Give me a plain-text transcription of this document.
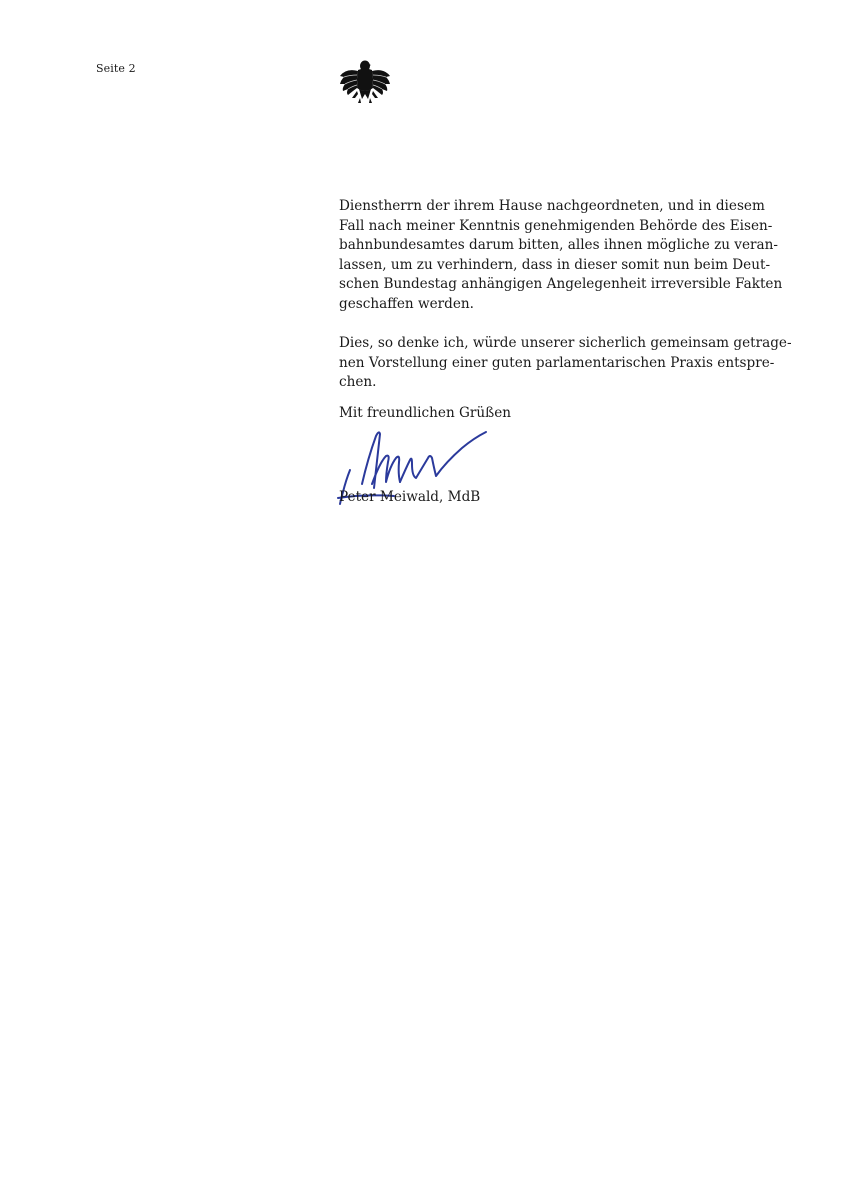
Seite 2
Dienstherrn der ihrem Hause nachgeordneten, und in diesem
Fall nach meiner Kenntnis genehmigenden Behörde des Eisen-
bahnbundesamtes darum bitten, alles ihnen mögliche zu veran-
lassen, um zu verhindern, dass in dieser somit nun beim Deut-
schen Bundestag anhängigen Angelegenheit irreversible Fakten
geschaffen werden.
Dies, so denke ich, würde unserer sicherlich gemeinsam getrage-
nen Vorstellung einer guten parlamentarischen Praxis entspre-
chen.
Mit freundlichen Grüßen
Peter Meiwald, MdB
